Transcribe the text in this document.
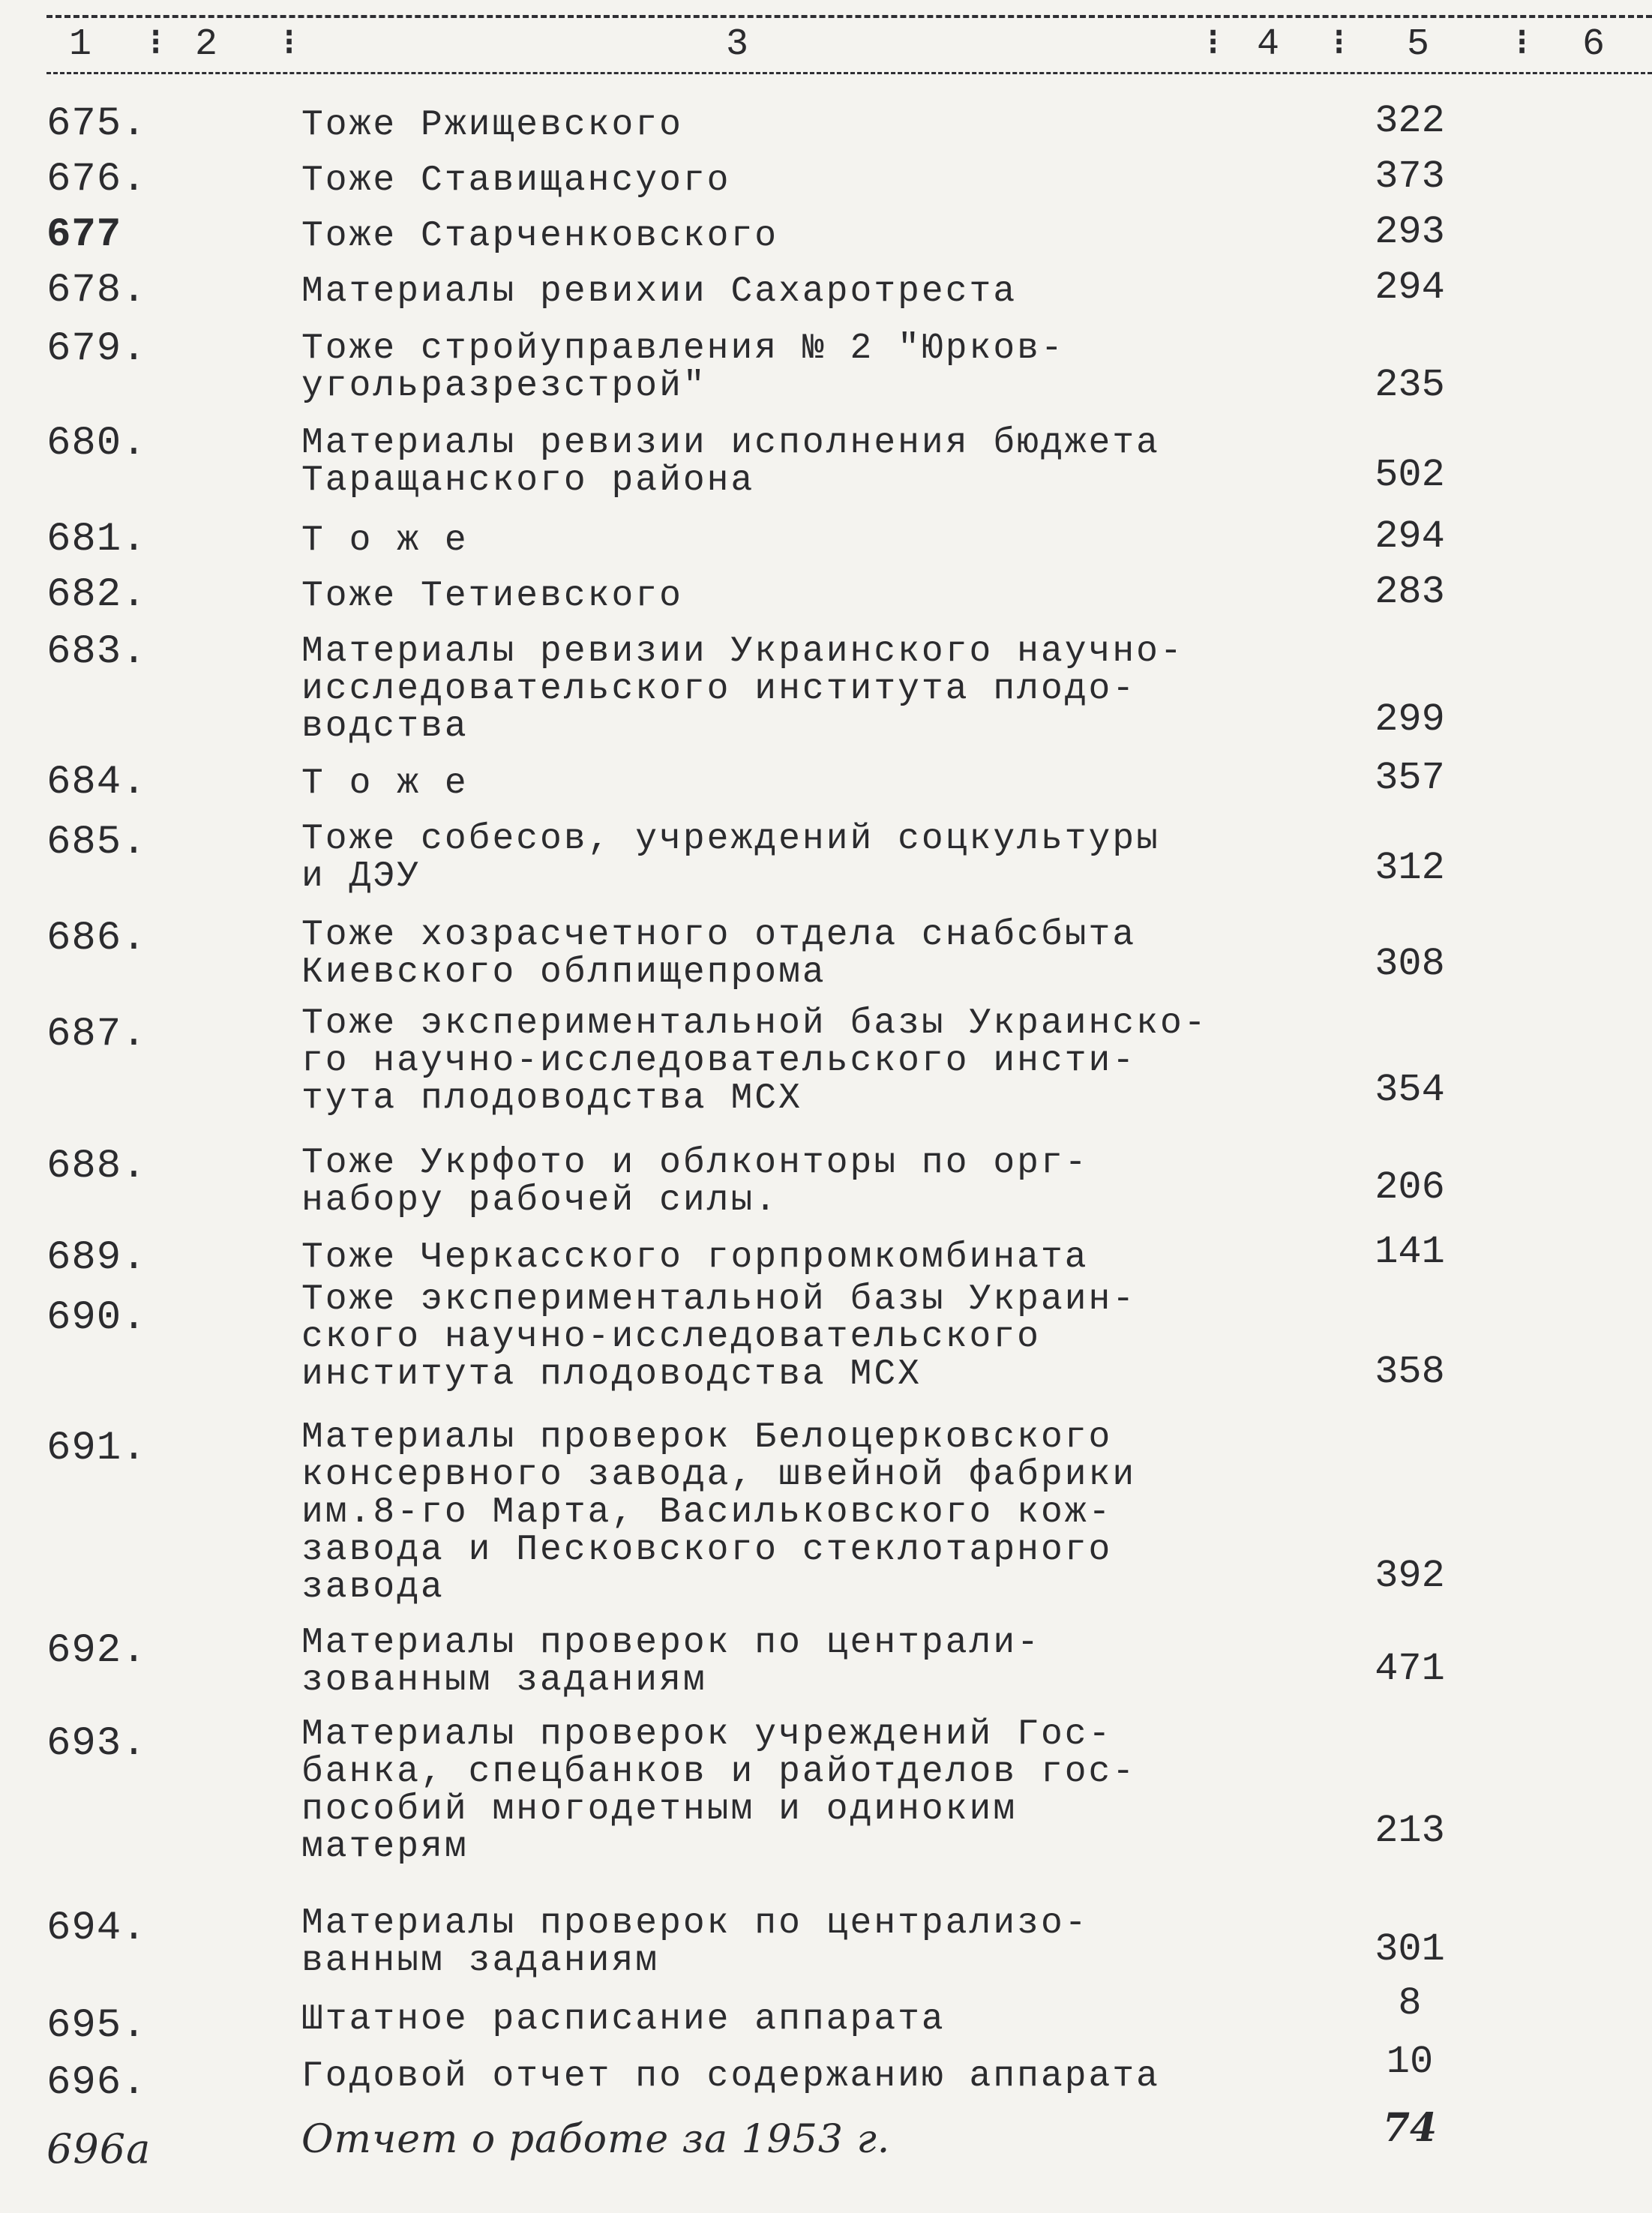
1 ⁝ 2 ⁝	3	⁝ 4 ⁝ 5 ⁝ 6
675.	Тоже Ржищевского	322
676.	Тоже Ставищансуого	373
677	Тоже Старченковского	293
678.	Материалы ревихии Сахаротреста	294
679.	Тоже стройуправления № 2 "Юрков-
угольразрезстрой"	235
680.	Материалы ревизии исполнения бюджета
Таращанского района	502
681.	Т о ж е	294
682.	Тоже Тетиевского	283
683.	Материалы ревизии Украинского научно-
исследовательского института плодо-
водства	299
684.	Т о ж е	357
685.	Тоже собесов, учреждений соцкультуры
и ДЭУ	312
686.	Тоже хозрасчетного отдела снабсбыта
Киевского облпищепрома	308
687.	Тоже экспериментальной базы Украинско-
го научно-исследовательского инсти-
тута плодоводства МСХ	354
688.	Тоже Укрфото и облконторы по орг-
набору рабочей силы.	206
689.	Тоже Черкасского горпромкомбината	141
690.	Тоже экспериментальной базы Украин-
ского научно-исследовательского
института плодоводства МСХ	358
691.	Материалы проверок Белоцерковского
консервного завода, швейной фабрики
им.8-го Марта, Васильковского кож-
завода и Песковского стеклотарного
завода	392
692.	Материалы проверок по централи-
зованным заданиям	471
693.	Материалы проверок учреждений Гос-
банка, спецбанков и райотделов гос-
пособий многодетным и одиноким
матерям	213
694.	Материалы проверок по централизо-
ванным заданиям	301
695.	Штатное расписание аппарата	8
696.	Годовой отчет по содержанию аппарата	10
696а	Отчет о работе за 1953 г.	74
